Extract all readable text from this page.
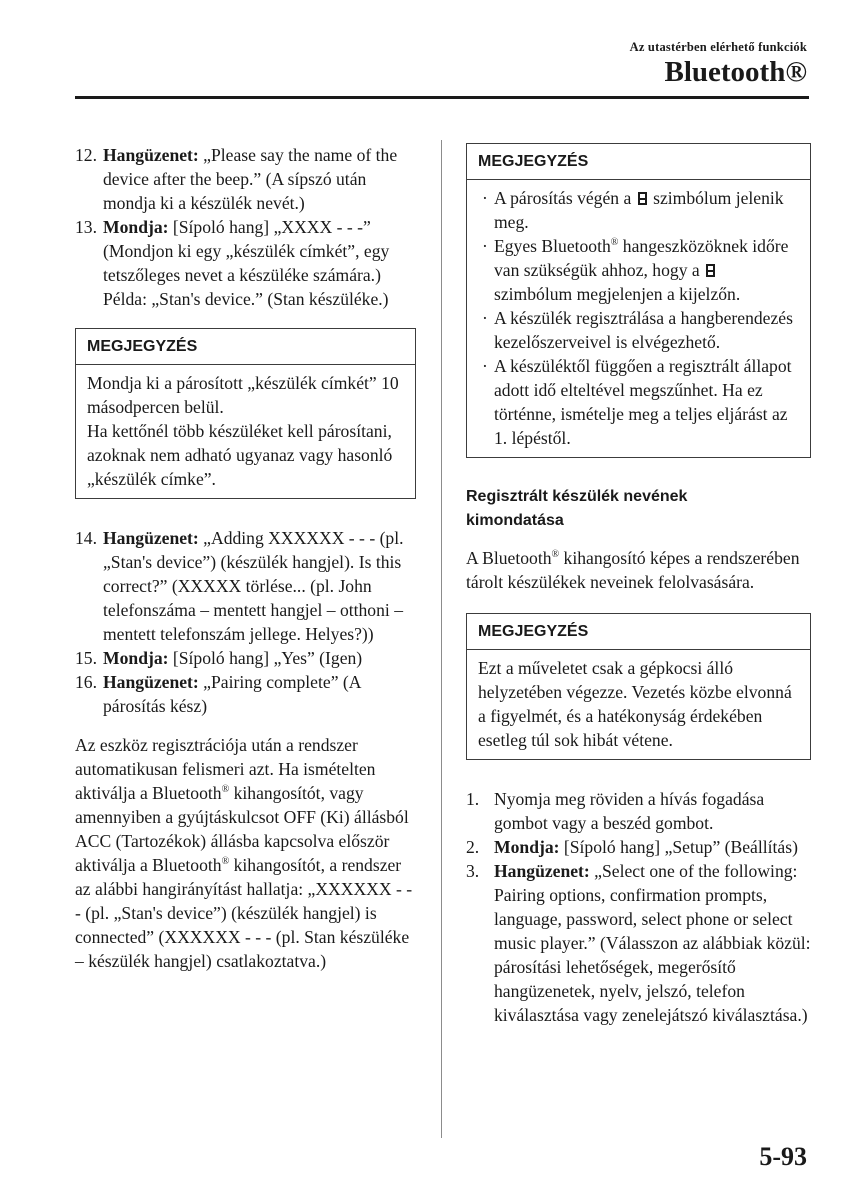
Az utastérben elérhető funkciók
Bluetooth®
12. Hangüzenet: „Please say the name of the device after the beep.” (A sípszó után mondja ki a készülék nevét.)
13. Mondja: [Sípoló hang] „XXXX - - -” (Mondjon ki egy „készülék címkét”, egy tetszőleges nevet a készüléke számára.)
Példa: „Stan's device.” (Stan készüléke.)
MEGJEGYZÉS
Mondja ki a párosított „készülék címkét” 10 másodpercen belül.
Ha kettőnél több készüléket kell párosítani, azoknak nem adható ugyanaz vagy hasonló „készülék címke”.
14. Hangüzenet: „Adding XXXXXX - - - (pl. „Stan's device”) (készülék hangjel). Is this correct?” (XXXXX törlése... (pl. John telefonszáma – mentett hangjel – otthoni – mentett telefonszám jellege. Helyes?))
15. Mondja: [Sípoló hang] „Yes” (Igen)
16. Hangüzenet: „Pairing complete” (A párosítás kész)

Az eszköz regisztrációja után a rendszer automatikusan felismeri azt. Ha ismételten aktiválja a Bluetooth® kihangosítót, vagy amennyiben a gyújtáskulcsot OFF (Ki) állásból ACC (Tartozékok) állásba kapcsolva először aktiválja a Bluetooth® kihangosítót, a rendszer az alábbi hangirányítást hallatja: „XXXXXX - - - (pl. „Stan's device”) (készülék hangjel) is connected” (XXXXXX - - - (pl. Stan készüléke – készülék hangjel) csatlakoztatva.)

MEGJEGYZÉS
· A párosítás végén a szimbólum jelenik meg.
· Egyes Bluetooth® hangeszközöknek időre van szükségük ahhoz, hogy a  szimbólum megjelenjen a kijelzőn.
· A készülék regisztrálása a hangberendezés kezelőszerveivel is elvégezhető.
· A készüléktől függően a regisztrált állapot adott idő elteltével megszűnhet. Ha ez történne, ismételje meg a teljes eljárást az 1. lépéstől.
Regisztrált készülék nevének kimondatása

A Bluetooth® kihangosító képes a rendszerében tárolt készülékek neveinek felolvasására.

MEGJEGYZÉS
Ezt a műveletet csak a gépkocsi álló helyzetében végezze. Vezetés közbe elvonná a figyelmét, és a hatékonyság érdekében esetleg túl sok hibát vétene.
1. Nyomja meg röviden a hívás fogadása gombot vagy a beszéd gombot.
2. Mondja: [Sípoló hang] „Setup” (Beállítás)
3. Hangüzenet: „Select one of the following: Pairing options, confirmation prompts, language, password, select phone or select music player.” (Válasszon az alábbiak közül: párosítási lehetőségek, megerősítő hangüzenetek, nyelv, jelszó, telefon kiválasztása vagy zenelejátszó kiválasztása.)
5-93
